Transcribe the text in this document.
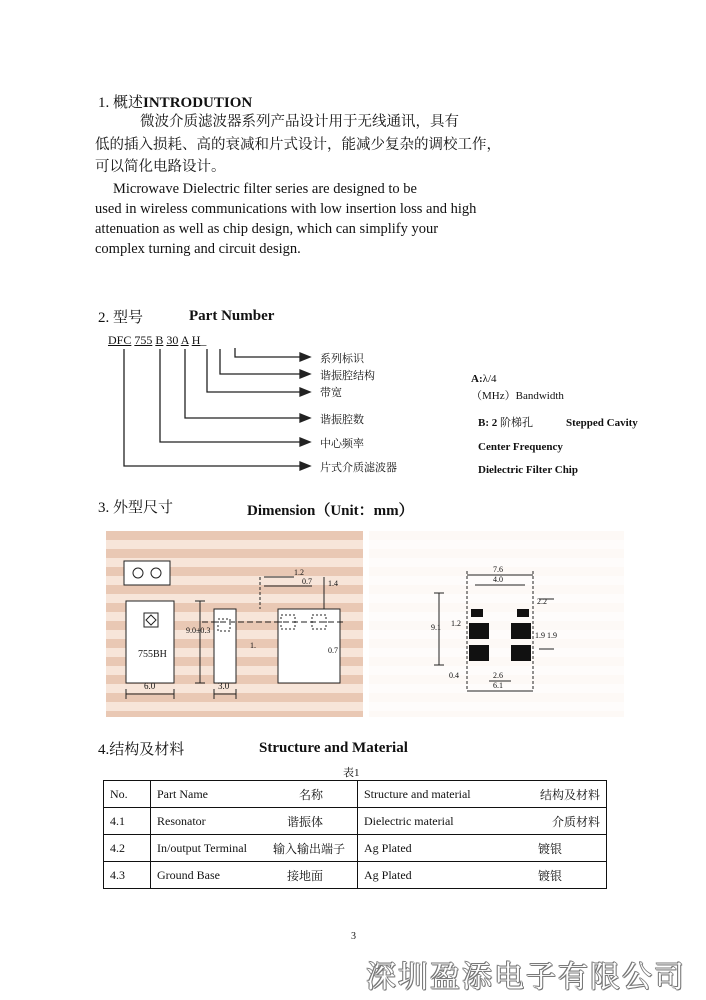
1. 概述INTRODUTION
微波介质滤波器系列产品设计用于无线通讯，具有
低的插入损耗、高的衰减和片式设计，能减少复杂的调校工作，
可以简化电路设计。
Microwave Dielectric filter series are designed to be
used in wireless communications with low insertion loss and high
attenuation as well as chip design, which can simplify your
complex turning and circuit design.
2. 型号	Part Number
DFC 755 B 30 A H_
系列标识
谐振腔结构
带宽
谐振腔数
中心频率
片式介质滤波器
A:λ/4
（MHz）Bandwidth
B: 2 阶梯孔	Stepped Cavity
Center Frequency
Dielectric Filter Chip
3. 外型尺寸	Dimension（Unit：mm）
755BH
9.0±0.3
6.0	3.0
1.2
0.7 1.4
0.7
1.
7.6
4.0
2.2
9.1 1.2
1.9 1.9
0.4	2.6
6.1
4.结构及材料	Structure and Material
表1
No.	Part Name 名称	Structure and material 结构及材料

4.1	Resonator 谐振体	Dielectric material 介质材料

4.2	In/output Terminal 输入输出端子	Ag Plated 镀银

4.3	Ground Base 接地面	Ag Plated 镀银
3
深圳盈添电子有限公司
